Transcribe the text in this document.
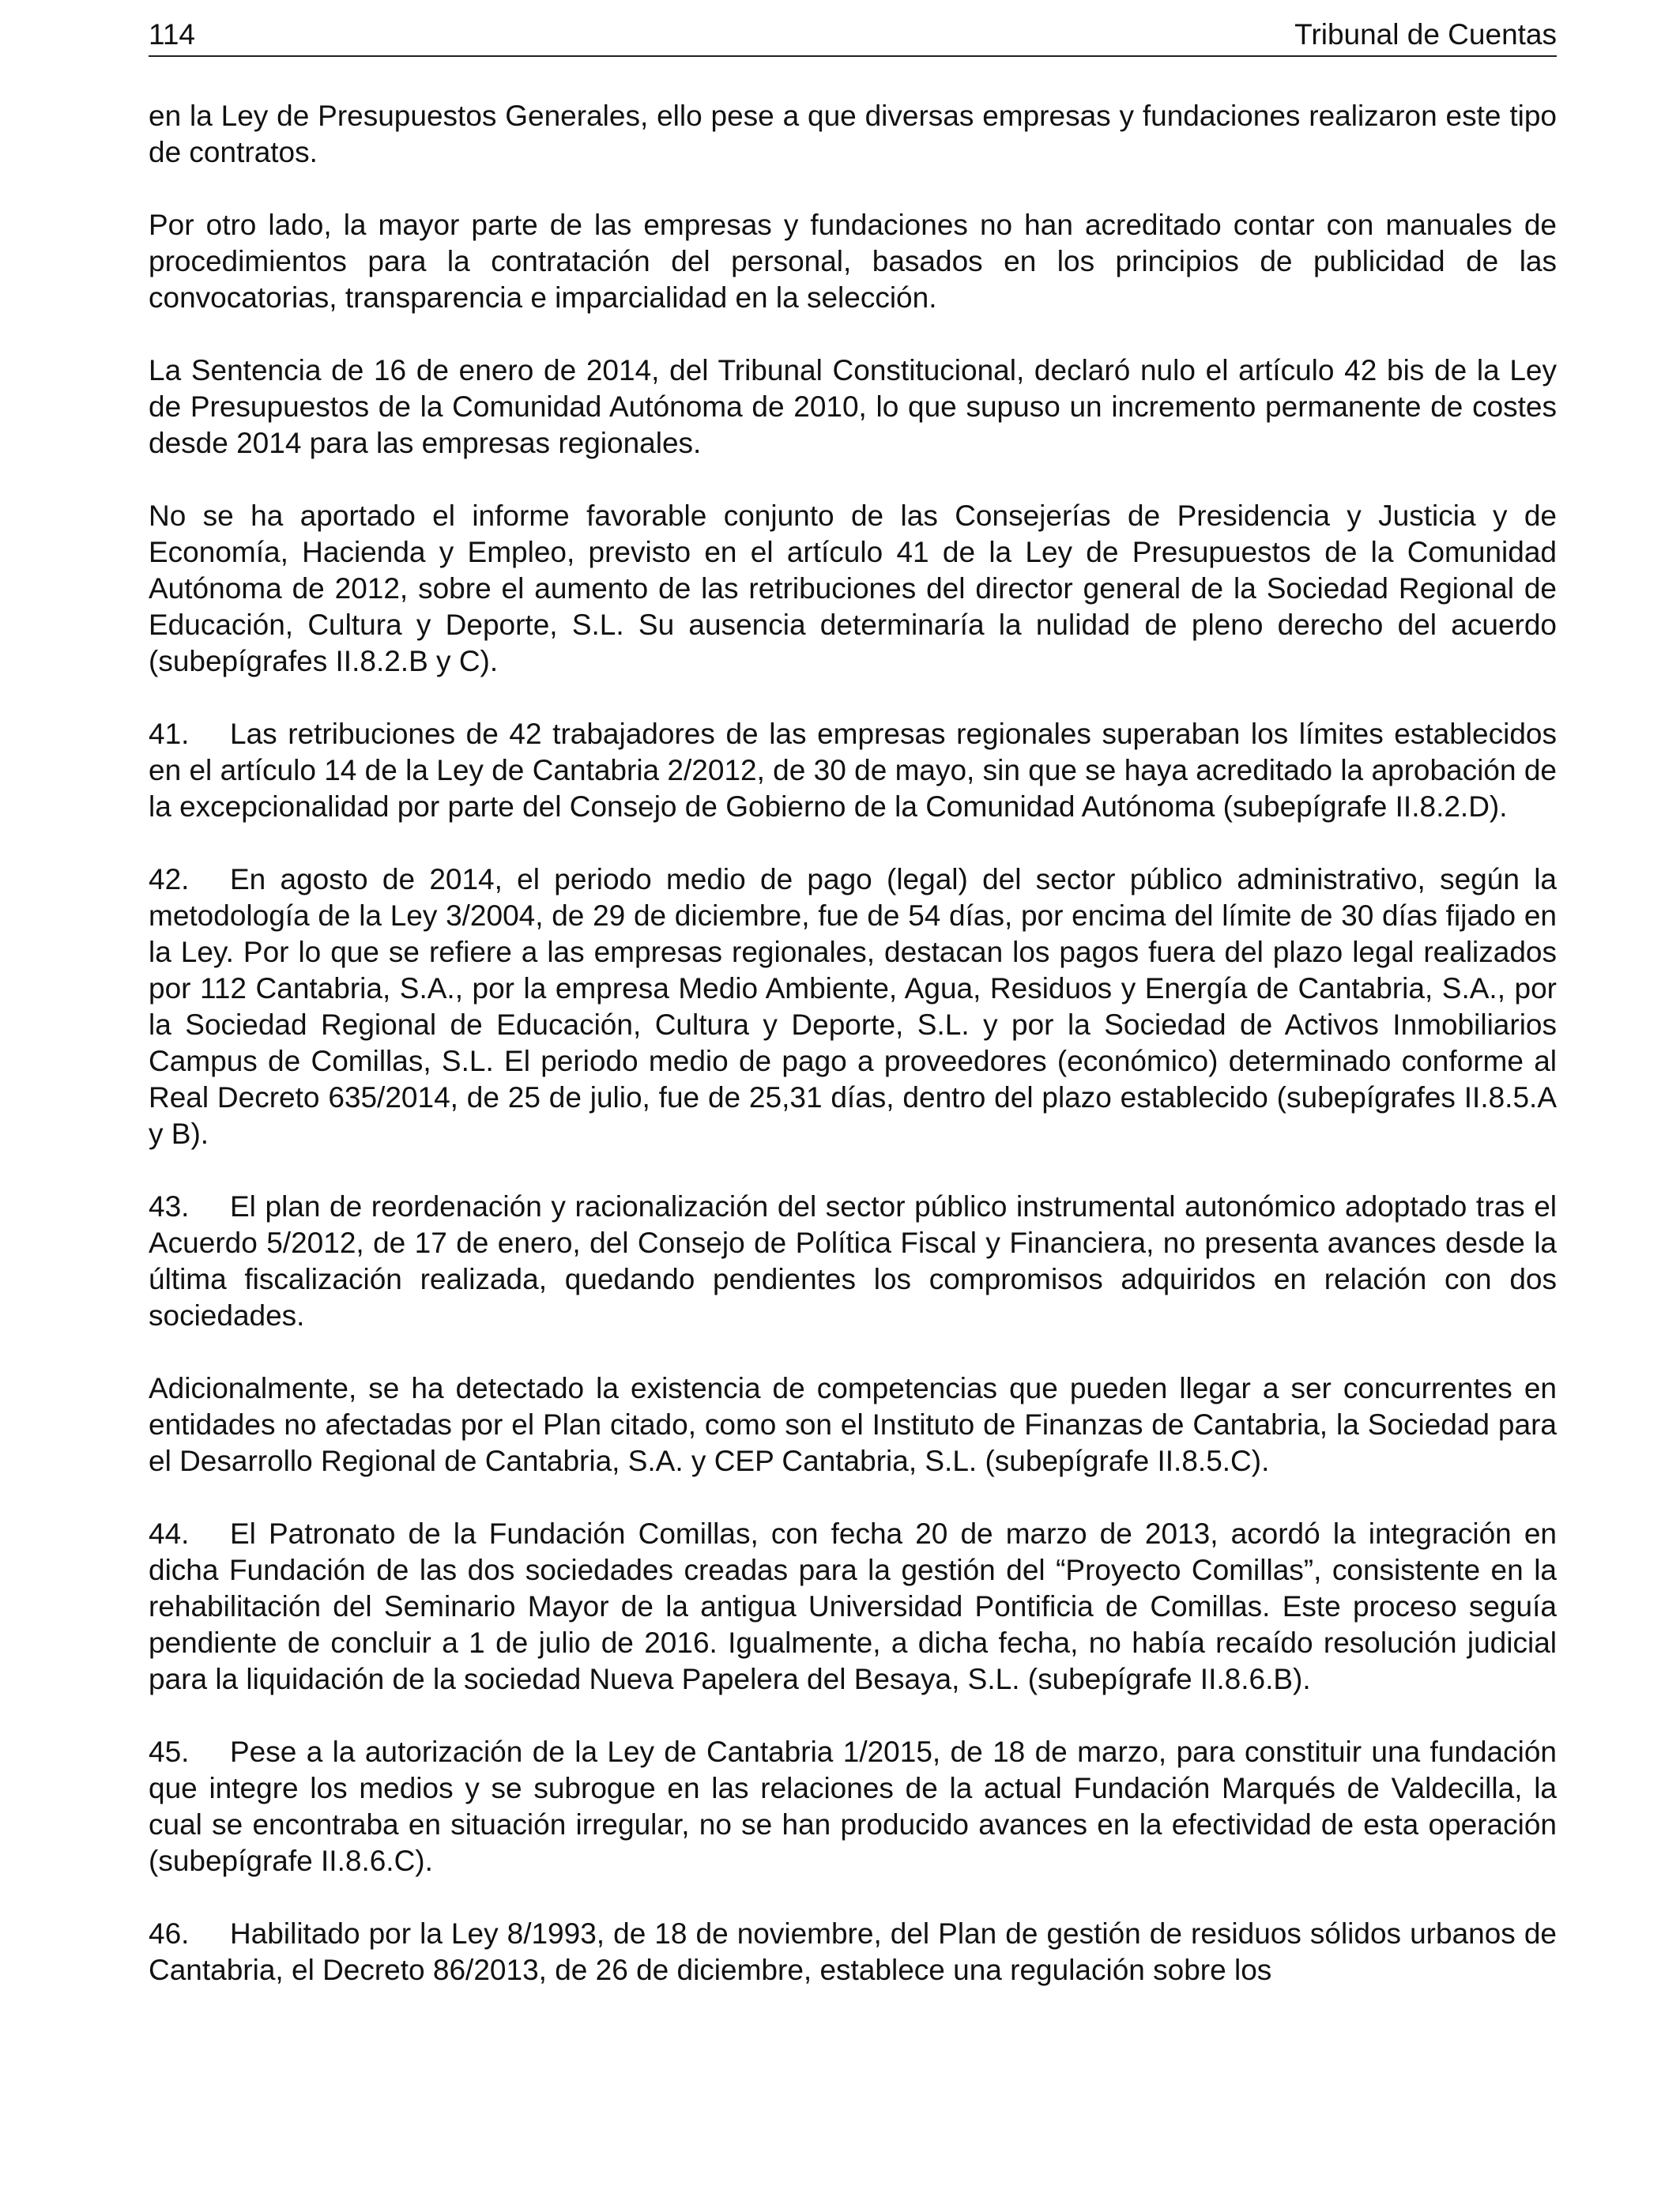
114	Tribunal de Cuentas

en la Ley de Presupuestos Generales, ello pese a que diversas empresas y fundaciones realizaron este tipo de contratos.

Por otro lado, la mayor parte de las empresas y fundaciones no han acreditado contar con manuales de procedimientos para la contratación del personal, basados en los principios de publicidad de las convocatorias, transparencia e imparcialidad en la selección.

La Sentencia de 16 de enero de 2014, del Tribunal Constitucional, declaró nulo el artículo 42 bis de la Ley de Presupuestos de la Comunidad Autónoma de 2010, lo que supuso un incremento permanente de costes desde 2014 para las empresas regionales.

No se ha aportado el informe favorable conjunto de las Consejerías de Presidencia y Justicia y de Economía, Hacienda y Empleo, previsto en el artículo 41 de la Ley de Presupuestos de la Comunidad Autónoma de 2012, sobre el aumento de las retribuciones del director general de la Sociedad Regional de Educación, Cultura y Deporte, S.L. Su ausencia determinaría la nulidad de pleno derecho del acuerdo (subepígrafes II.8.2.B y C).

41. Las retribuciones de 42 trabajadores de las empresas regionales superaban los límites establecidos en el artículo 14 de la Ley de Cantabria 2/2012, de 30 de mayo, sin que se haya acreditado la aprobación de la excepcionalidad por parte del Consejo de Gobierno de la Comunidad Autónoma (subepígrafe II.8.2.D).

42. En agosto de 2014, el periodo medio de pago (legal) del sector público administrativo, según la metodología de la Ley 3/2004, de 29 de diciembre, fue de 54 días, por encima del límite de 30 días fijado en la Ley. Por lo que se refiere a las empresas regionales, destacan los pagos fuera del plazo legal realizados por 112 Cantabria, S.A., por la empresa Medio Ambiente, Agua, Residuos y Energía de Cantabria, S.A., por la Sociedad Regional de Educación, Cultura y Deporte, S.L. y por la Sociedad de Activos Inmobiliarios Campus de Comillas, S.L. El periodo medio de pago a proveedores (económico) determinado conforme al Real Decreto 635/2014, de 25 de julio, fue de 25,31 días, dentro del plazo establecido (subepígrafes II.8.5.A y B).

43. El plan de reordenación y racionalización del sector público instrumental autonómico adoptado tras el Acuerdo 5/2012, de 17 de enero, del Consejo de Política Fiscal y Financiera, no presenta avances desde la última fiscalización realizada, quedando pendientes los compromisos adquiridos en relación con dos sociedades.

Adicionalmente, se ha detectado la existencia de competencias que pueden llegar a ser concurrentes en entidades no afectadas por el Plan citado, como son el Instituto de Finanzas de Cantabria, la Sociedad para el Desarrollo Regional de Cantabria, S.A. y CEP Cantabria, S.L. (subepígrafe II.8.5.C).

44. El Patronato de la Fundación Comillas, con fecha 20 de marzo de 2013, acordó la integración en dicha Fundación de las dos sociedades creadas para la gestión del “Proyecto Comillas”, consistente en la rehabilitación del Seminario Mayor de la antigua Universidad Pontificia de Comillas. Este proceso seguía pendiente de concluir a 1 de julio de 2016. Igualmente, a dicha fecha, no había recaído resolución judicial para la liquidación de la sociedad Nueva Papelera del Besaya, S.L. (subepígrafe II.8.6.B).

45. Pese a la autorización de la Ley de Cantabria 1/2015, de 18 de marzo, para constituir una fundación que integre los medios y se subrogue en las relaciones de la actual Fundación Marqués de Valdecilla, la cual se encontraba en situación irregular, no se han producido avances en la efectividad de esta operación (subepígrafe II.8.6.C).

46. Habilitado por la Ley 8/1993, de 18 de noviembre, del Plan de gestión de residuos sólidos urbanos de Cantabria, el Decreto 86/2013, de 26 de diciembre, establece una regulación sobre los
